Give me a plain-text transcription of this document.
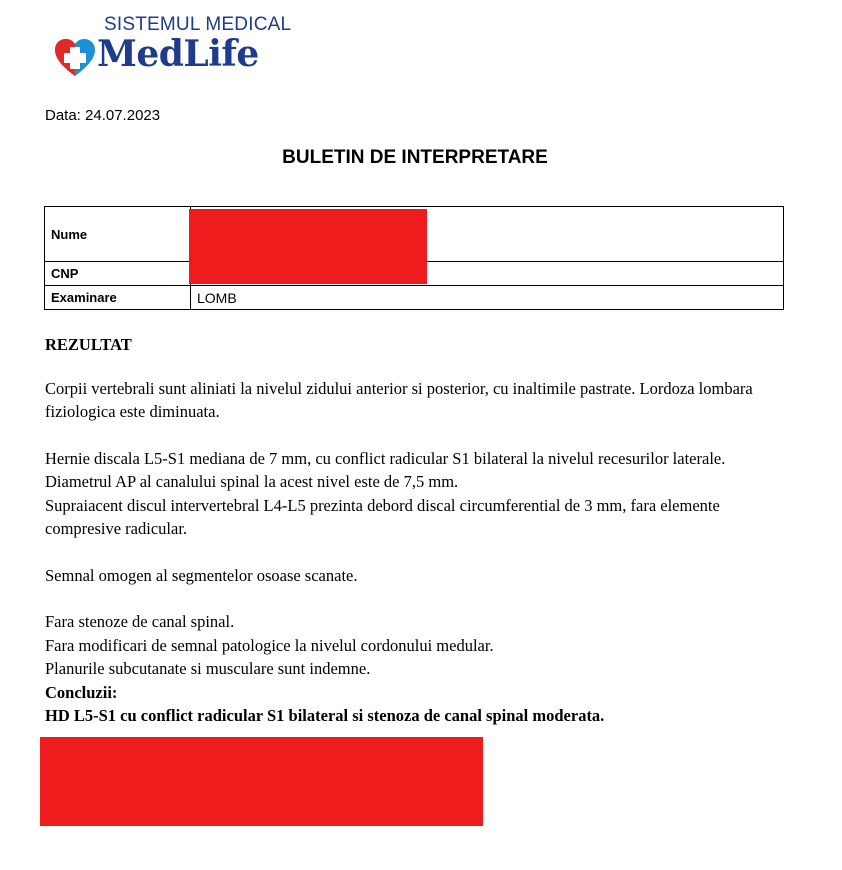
SISTEMUL MEDICAL
MedLife
Data: 24.07.2023
BULETIN DE INTERPRETARE
Nume	
CNP	
Examinare	LOMB

REZULTAT

Corpii vertebrali sunt aliniati la nivelul zidului anterior si posterior, cu inaltimile pastrate. Lordoza lombara fiziologica este diminuata.

Hernie discala L5-S1 mediana de 7 mm, cu conflict radicular S1 bilateral la nivelul recesurilor laterale. Diametrul AP al canalului spinal la acest nivel este de 7,5 mm.

Supraiacent discul intervertebral L4-L5 prezinta debord discal circumferential de 3 mm, fara elemente compresive radicular.

Semnal omogen al segmentelor osoase scanate.

Fara stenoze de canal spinal.

Fara modificari de semnal patologice la nivelul cordonului medular.

Planurile subcutanate si musculare sunt indemne.

Concluzii:

HD L5-S1 cu conflict radicular S1 bilateral si stenoza de canal spinal moderata.
